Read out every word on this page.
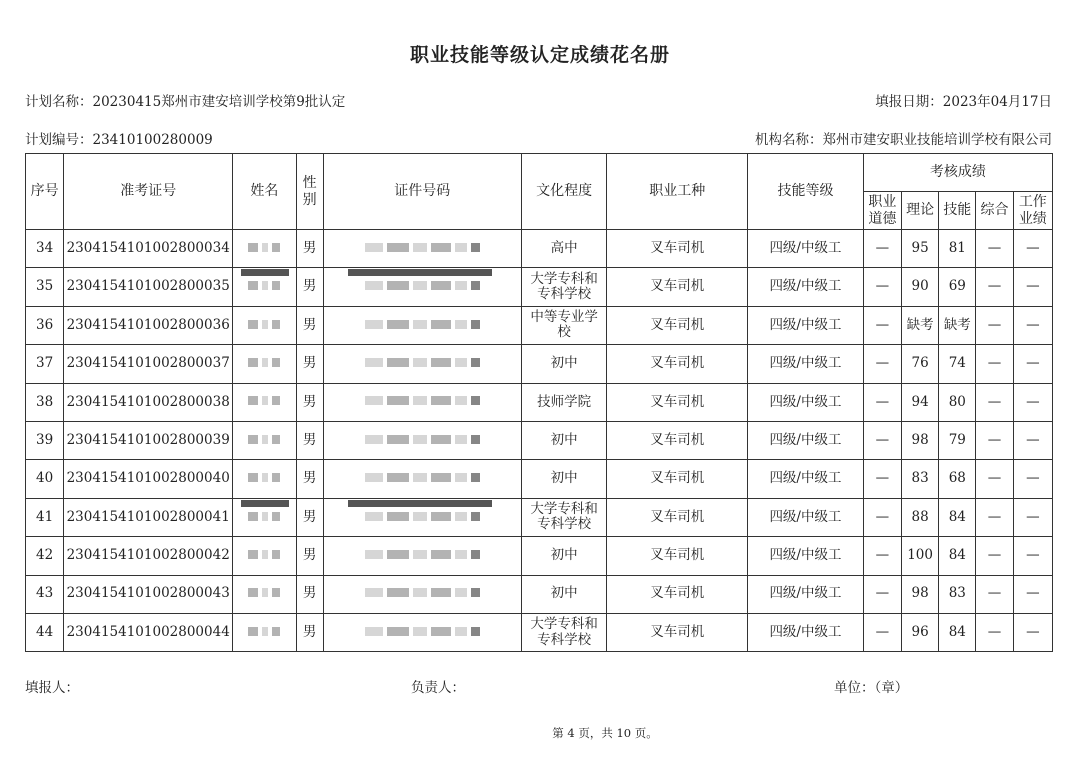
职业技能等级认定成绩花名册
计划名称：20230415郑州市建安培训学校第9批认定	填报日期：2023年04月17日
计划编号：23410100280009	机构名称：郑州市建安职业技能培训学校有限公司
序号	准考证号	姓名	性别	证件号码	文化程度	职业工种	技能等级	考核成绩				
								职业道德	理论	技能	综合	工作业绩
34	2304154101002800034		男		高中	叉车司机	四级/中级工	—	95	81	—	—
35	2304154101002800035		男		大学专科和专科学校	叉车司机	四级/中级工	—	90	69	—	—
36	2304154101002800036		男		中等专业学校	叉车司机	四级/中级工	—	缺考	缺考	—	—
37	2304154101002800037		男		初中	叉车司机	四级/中级工	—	76	74	—	—
38	2304154101002800038		男		技师学院	叉车司机	四级/中级工	—	94	80	—	—
39	2304154101002800039		男		初中	叉车司机	四级/中级工	—	98	79	—	—
40	2304154101002800040		男		初中	叉车司机	四级/中级工	—	83	68	—	—
41	2304154101002800041		男		大学专科和专科学校	叉车司机	四级/中级工	—	88	84	—	—
42	2304154101002800042		男		初中	叉车司机	四级/中级工	—	100	84	—	—
43	2304154101002800043		男		初中	叉车司机	四级/中级工	—	98	83	—	—
44	2304154101002800044		男		大学专科和专科学校	叉车司机	四级/中级工	—	96	84	—	—
填报人：	负责人：	单位：（章）
第 4 页，共 10 页。
